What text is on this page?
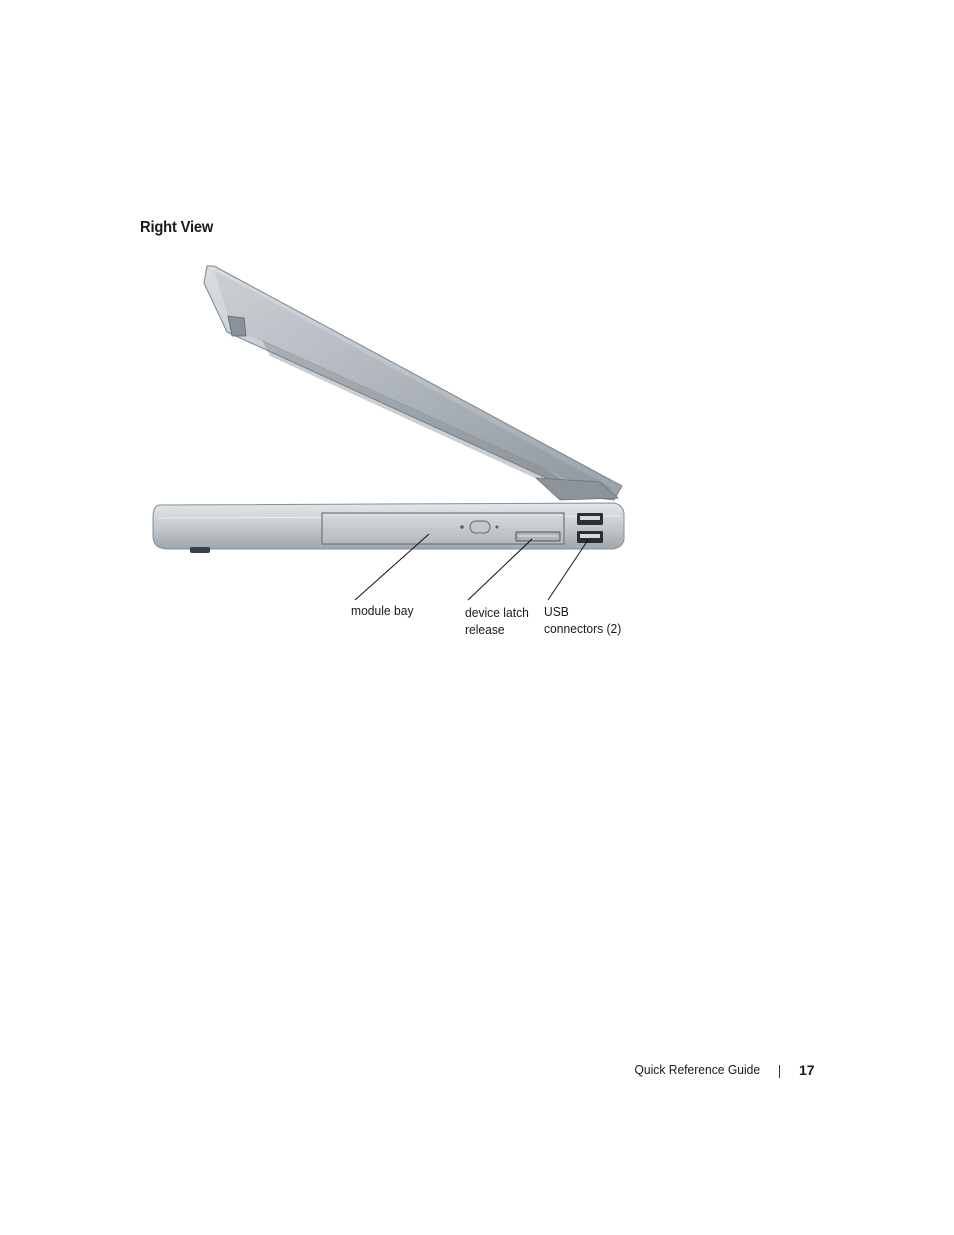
Right View

module bay	device latch
release

USB
connectors (2)

Quick Reference Guide	17
